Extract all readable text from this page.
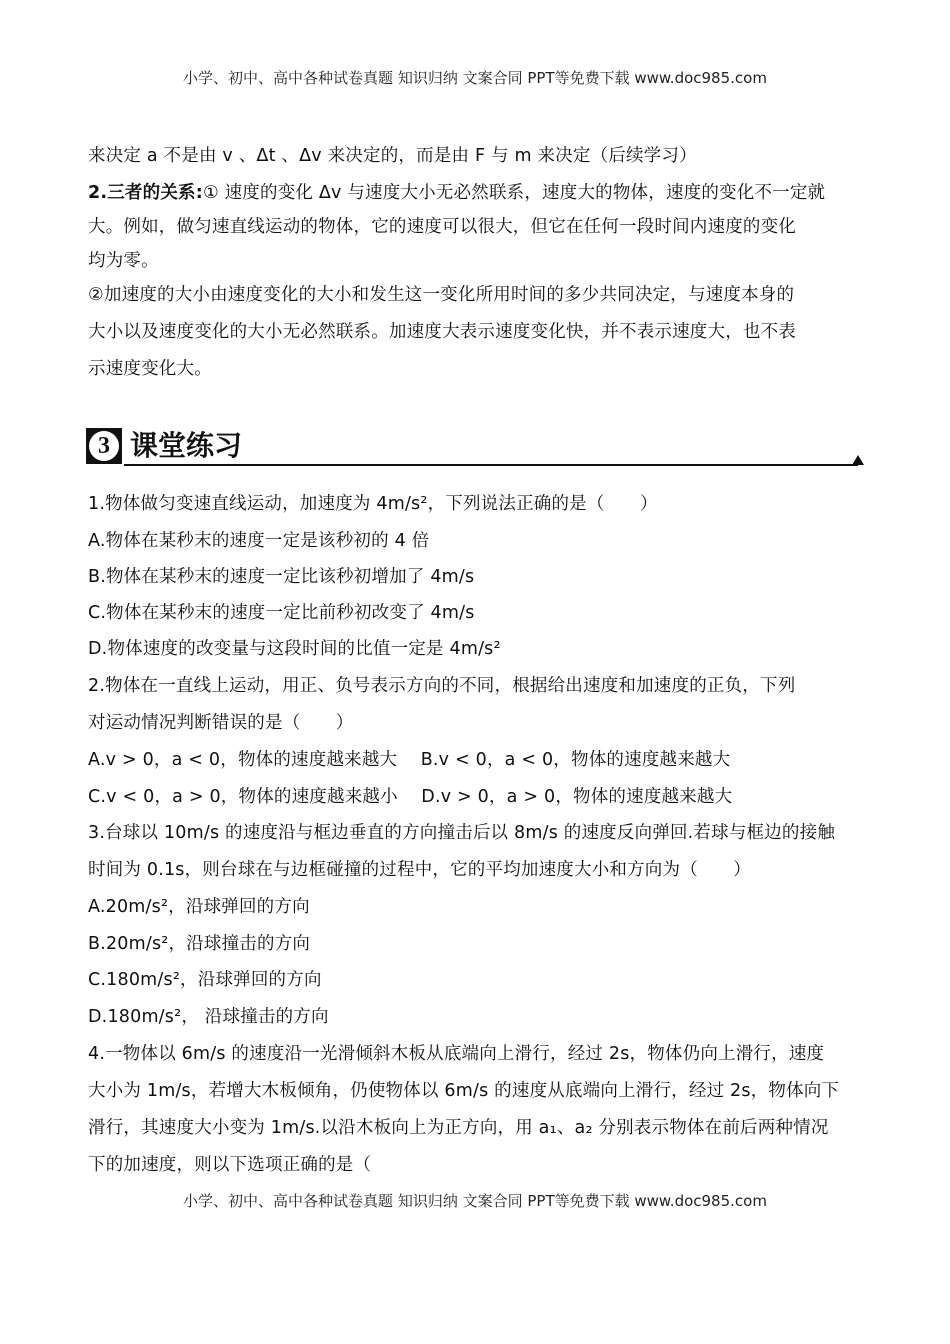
小学、初中、高中各种试卷真题 知识归纳 文案合同 PPT等免费下载 www.doc985.com
来决定 a 不是由 v 、Δt 、Δv 来决定的，而是由 F 与 m 来决定（后续学习）
2.三者的关系:① 速度的变化 Δv 与速度大小无必然联系，速度大的物体，速度的变化不一定就
大。例如，做匀速直线运动的物体，它的速度可以很大，但它在任何一段时间内速度的变化
均为零。
②加速度的大小由速度变化的大小和发生这一变化所用时间的多少共同决定，与速度本身的
大小以及速度变化的大小无必然联系。加速度大表示速度变化快，并不表示速度大，也不表
示速度变化大。
3 课堂练习
1.物体做匀变速直线运动，加速度为 4m/s²，下列说法正确的是（　　）
A.物体在某秒末的速度一定是该秒初的 4 倍
B.物体在某秒末的速度一定比该秒初增加了 4m/s
C.物体在某秒末的速度一定比前秒初改变了 4m/s
D.物体速度的改变量与这段时间的比值一定是 4m/s²
2.物体在一直线上运动，用正、负号表示方向的不同，根据给出速度和加速度的正负，下列
对运动情况判断错误的是（　　）
A.v > 0，a < 0，物体的速度越来越大　 B.v < 0，a < 0，物体的速度越来越大
C.v < 0，a > 0，物体的速度越来越小　 D.v > 0，a > 0，物体的速度越来越大
3.台球以 10m/s 的速度沿与框边垂直的方向撞击后以 8m/s 的速度反向弹回.若球与框边的接触
时间为 0.1s，则台球在与边框碰撞的过程中，它的平均加速度大小和方向为（　　）
A.20m/s²，沿球弹回的方向
B.20m/s²，沿球撞击的方向
C.180m/s²，沿球弹回的方向
D.180m/s²， 沿球撞击的方向
4.一物体以 6m/s 的速度沿一光滑倾斜木板从底端向上滑行，经过 2s，物体仍向上滑行，速度
大小为 1m/s，若增大木板倾角，仍使物体以 6m/s 的速度从底端向上滑行，经过 2s，物体向下
滑行，其速度大小变为 1m/s.以沿木板向上为正方向，用 a₁、a₂ 分别表示物体在前后两种情况
下的加速度，则以下选项正确的是（
小学、初中、高中各种试卷真题 知识归纳 文案合同 PPT等免费下载 www.doc985.com
